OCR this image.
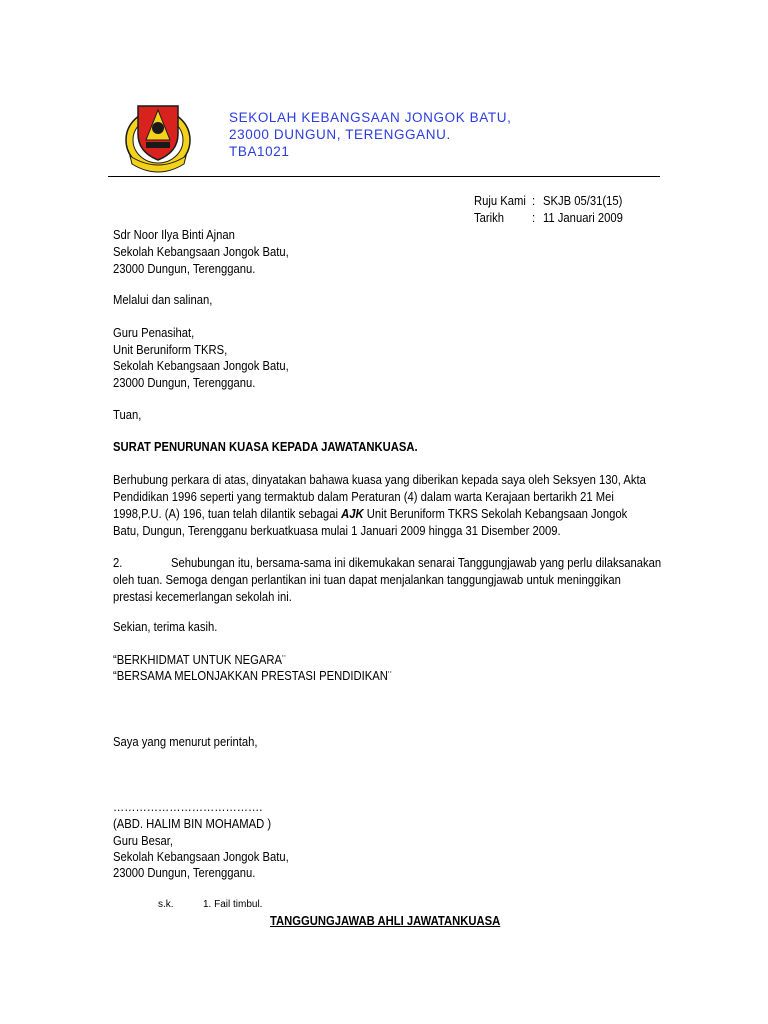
SEKOLAH KEBANGSAAN JONGOK BATU,
23000 DUNGUN, TERENGGANU.
TBA1021
Ruju Kami : SKJB 05/31(15)
Tarikh : 11 Januari 2009
Sdr Noor Ilya Binti Ajnan
Sekolah Kebangsaan Jongok Batu,
23000 Dungun, Terengganu.
Melalui dan salinan,
Guru Penasihat,
Unit Beruniform TKRS,
Sekolah Kebangsaan Jongok Batu,
23000 Dungun, Terengganu.
Tuan,
SURAT PENURUNAN KUASA KEPADA JAWATANKUASA.
Berhubung perkara di atas, dinyatakan bahawa kuasa yang diberikan kepada saya oleh Seksyen 130, Akta Pendidikan 1996 seperti yang termaktub dalam Peraturan (4) dalam warta Kerajaan bertarikh 21 Mei 1998,P.U. (A) 196, tuan telah dilantik sebagai AJK Unit Beruniform TKRS Sekolah Kebangsaan Jongok Batu, Dungun, Terengganu berkuatkuasa mulai 1 Januari 2009 hingga 31 Disember 2009.
2.	Sehubungan itu, bersama-sama ini dikemukakan senarai Tanggungjawab yang perlu dilaksanakan
oleh tuan. Semoga dengan perlantikan ini tuan dapat menjalankan tanggungjawab untuk meninggikan prestasi kecemerlangan sekolah ini.
Sekian, terima kasih.
“BERKHIDMAT UNTUK NEGARA¨
“BERSAMA MELONJAKKAN PRESTASI PENDIDIKAN¨
Saya yang menurut perintah,
………………………………….
(ABD. HALIM BIN MOHAMAD )
Guru Besar,
Sekolah Kebangsaan Jongok Batu,
23000 Dungun, Terengganu.
s.k.	1. Fail timbul.
TANGGUNGJAWAB AHLI JAWATANKUASA
